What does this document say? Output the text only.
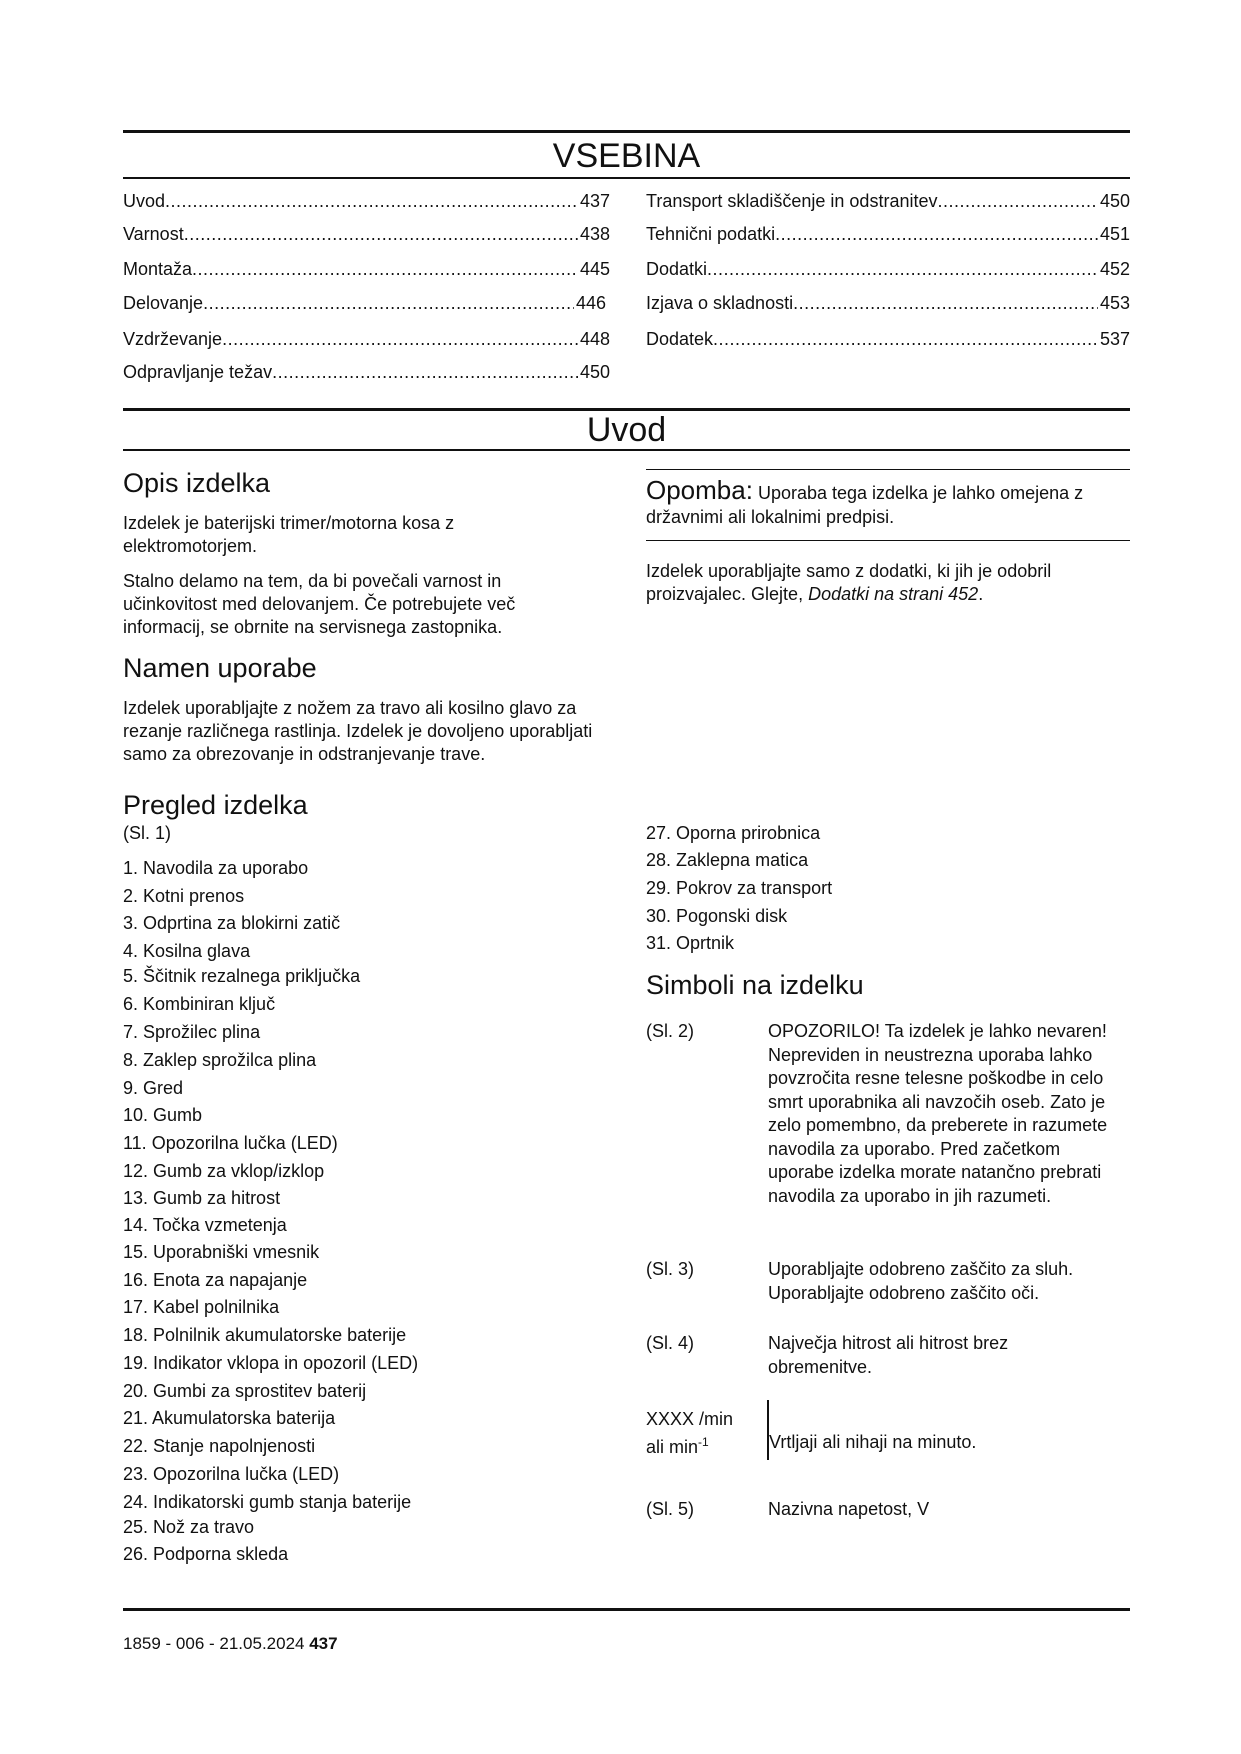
VSEBINA
Uvod .....	437
Varnost .....	438
Montaža .....	445
Delovanje .....	446
Vzdrževanje .....	448
Odpravljanje težav .....	450
Transport skladiščenje in odstranitev .....	450
Tehnični podatki .....	451
Dodatki .....	452
Izjava o skladnosti .....	453
Dodatek .....	537
Uvod
Opis izdelka
Izdelek je baterijski trimer/motorna kosa z elektromotorjem.
Stalno delamo na tem, da bi povečali varnost in učinkovitost med delovanjem. Če potrebujete več informacij, se obrnite na servisnega zastopnika.
Namen uporabe
Izdelek uporabljajte z nožem za travo ali kosilno glavo za rezanje različnega rastlinja. Izdelek je dovoljeno uporabljati samo za obrezovanje in odstranjevanje trave.
Pregled izdelka
(Sl. 1)
1. Navodila za uporabo
2. Kotni prenos
3. Odprtina za blokirni zatič
4. Kosilna glava
5. Ščitnik rezalnega priključka
6. Kombiniran ključ
7. Sprožilec plina
8. Zaklep sprožilca plina
9. Gred
10. Gumb
11. Opozorilna lučka (LED)
12. Gumb za vklop/izklop
13. Gumb za hitrost
14. Točka vzmetenja
15. Uporabniški vmesnik
16. Enota za napajanje
17. Kabel polnilnika
18. Polnilnik akumulatorske baterije
19. Indikator vklopa in opozoril (LED)
20. Gumbi za sprostitev baterij
21. Akumulatorska baterija
22. Stanje napolnjenosti
23. Opozorilna lučka (LED)
24. Indikatorski gumb stanja baterije
25. Nož za travo
26. Podporna skleda
Opomba: Uporaba tega izdelka je lahko omejena z državnimi ali lokalnimi predpisi.
Izdelek uporabljajte samo z dodatki, ki jih je odobril proizvajalec. Glejte, Dodatki na strani 452.
27. Oporna prirobnica
28. Zaklepna matica
29. Pokrov za transport
30. Pogonski disk
31. Oprtnik
Simboli na izdelku
(Sl. 2)	OPOZORILO! Ta izdelek je lahko nevaren! Nepreviden in neustrezna uporaba lahko povzročita resne telesne poškodbe in celo smrt uporabnika ali navzočih oseb. Zato je zelo pomembno, da preberete in razumete navodila za uporabo. Pred začetkom uporabe izdelka morate natančno prebrati navodila za uporabo in jih razumeti.
(Sl. 3)	Uporabljajte odobreno zaščito za sluh. Uporabljajte odobreno zaščito oči.
(Sl. 4)	Največja hitrost ali hitrost brez obremenitve.
XXXX /min
ali $\min^{-1}$	Vrtljaji ali nihaji na minuto.
(Sl. 5)	Nazivna napetost, V
1859 - 006 - 21.05.2024 437
